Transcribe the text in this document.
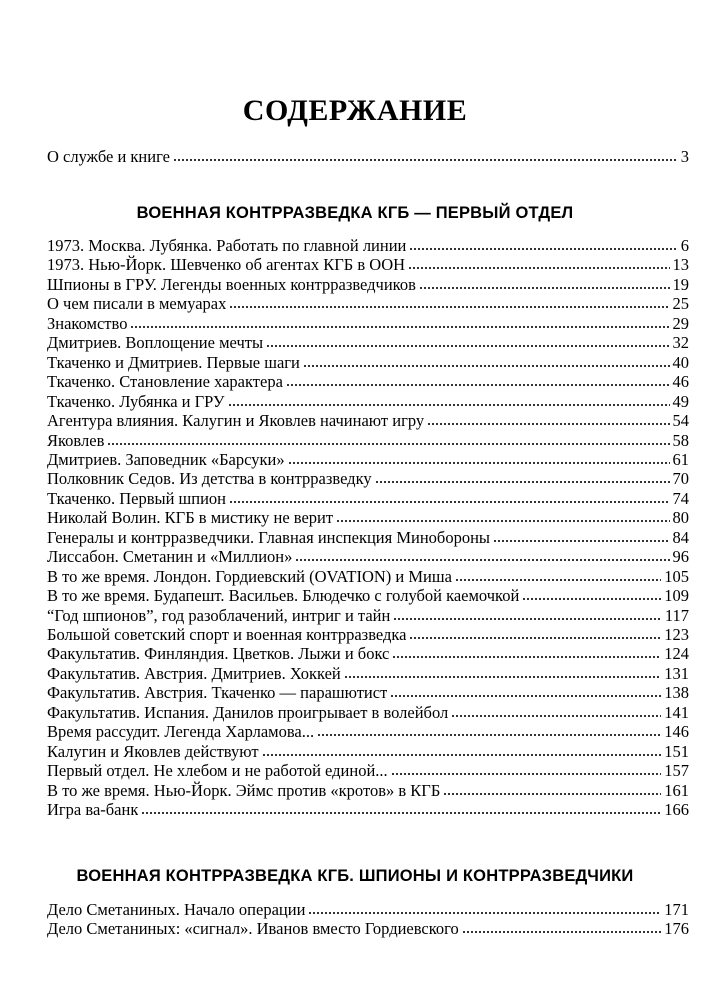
СОДЕРЖАНИЕ
О службе и книге	3
ВОЕННАЯ КОНТРРАЗВЕДКА КГБ — ПЕРВЫЙ ОТДЕЛ
1973. Москва. Лубянка. Работать по главной линии	6
1973. Нью-Йорк. Шевченко об агентах КГБ в ООН	13
Шпионы в ГРУ. Легенды военных контрразведчиков	19
О чем писали в мемуарах	25
Знакомство	29
Дмитриев. Воплощение мечты	32
Ткаченко и Дмитриев. Первые шаги	40
Ткаченко. Становление характера	46
Ткаченко. Лубянка и ГРУ	49
Агентура влияния. Калугин и Яковлев начинают игру	54
Яковлев	58
Дмитриев. Заповедник «Барсуки»	61
Полковник Седов. Из детства в контрразведку	70
Ткаченко. Первый шпион	74
Николай Волин. КГБ в мистику не верит	80
Генералы и контрразведчики. Главная инспекция Минобороны	84
Лиссабон. Сметанин и «Миллион»	96
В то же время. Лондон. Гордиевский (OVATION) и Миша	105
В то же время. Будапешт. Васильев. Блюдечко с голубой каемочкой	109
“Год шпионов”, год разоблачений, интриг и тайн	117
Большой советский спорт и военная контрразведка	123
Факультатив. Финляндия. Цветков. Лыжи и бокс	124
Факультатив. Австрия. Дмитриев. Хоккей	131
Факультатив. Австрия. Ткаченко — парашютист	138
Факультатив. Испания. Данилов проигрывает в волейбол	141
Время рассудит. Легенда Харламова...	146
Калугин и Яковлев действуют	151
Первый отдел. Не хлебом и не работой единой...	157
В то же время. Нью-Йорк. Эймс против «кротов» в КГБ	161
Игра ва-банк	166
ВОЕННАЯ КОНТРРАЗВЕДКА КГБ. ШПИОНЫ И КОНТРРАЗВЕДЧИКИ
Дело Сметаниных. Начало операции	171
Дело Сметаниных: «сигнал». Иванов вместо Гордиевского	176
